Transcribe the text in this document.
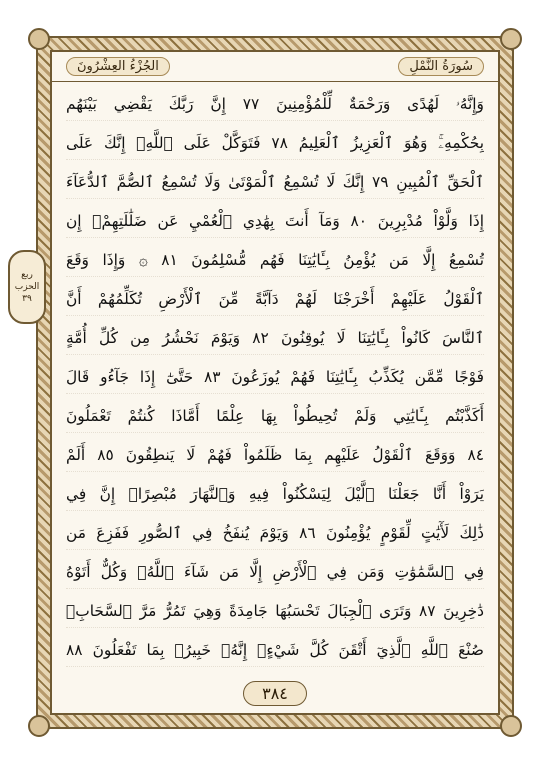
ربع
الحزب
٣٩
الجُزْءُ العِشْرُونَ	سُورَةُ النَّمْلِ
وَإِنَّهُۥ لَهُدًى وَرَحْمَةٌ لِّلْمُؤْمِنِينَ ٧٧ إِنَّ رَبَّكَ يَقْضِي بَيْنَهُم
بِحُكْمِهِۦۚ وَهُوَ ٱلْعَزِيزُ ٱلْعَلِيمُ ٧٨ فَتَوَكَّلْ عَلَى ٱللَّهِۖ إِنَّكَ عَلَى
ٱلْحَقِّ ٱلْمُبِينِ ٧٩ إِنَّكَ لَا تُسْمِعُ ٱلْمَوْتَىٰ وَلَا تُسْمِعُ ٱلصُّمَّ ٱلدُّعَآءَ
إِذَا وَلَّوْاْ مُدْبِرِينَ ٨٠ وَمَآ أَنتَ بِهَٰدِي ٱلْعُمْيِ عَن ضَلَٰلَتِهِمْۖ إِن
تُسْمِعُ إِلَّا مَن يُؤْمِنُ بِـَٔايَٰتِنَا فَهُم مُّسْلِمُونَ ٨١ ۞ وَإِذَا وَقَعَ
ٱلْقَوْلُ عَلَيْهِمْ أَخْرَجْنَا لَهُمْ دَآبَّةً مِّنَ ٱلْأَرْضِ تُكَلِّمُهُمْ أَنَّ
ٱلنَّاسَ كَانُواْ بِـَٔايَٰتِنَا لَا يُوقِنُونَ ٨٢ وَيَوْمَ نَحْشُرُ مِن كُلِّ أُمَّةٍ
فَوْجًا مِّمَّن يُكَذِّبُ بِـَٔايَٰتِنَا فَهُمْ يُوزَعُونَ ٨٣ حَتَّىٰٓ إِذَا جَآءُو قَالَ
أَكَذَّبْتُم بِـَٔايَٰتِي وَلَمْ تُحِيطُواْ بِهَا عِلْمًا أَمَّاذَا كُنتُمْ تَعْمَلُونَ
٨٤ وَوَقَعَ ٱلْقَوْلُ عَلَيْهِم بِمَا ظَلَمُواْ فَهُمْ لَا يَنطِقُونَ ٨٥ أَلَمْ
يَرَوْاْ أَنَّا جَعَلْنَا ٱلَّيْلَ لِيَسْكُنُواْ فِيهِ وَٱلنَّهَارَ مُبْصِرًاۚ إِنَّ فِي
ذَٰلِكَ لَأٓيَٰتٍ لِّقَوْمٍ يُؤْمِنُونَ ٨٦ وَيَوْمَ يُنفَخُ فِي ٱلصُّورِ فَفَزِعَ مَن
فِي ٱلسَّمَٰوَٰتِ وَمَن فِي ٱلْأَرْضِ إِلَّا مَن شَآءَ ٱللَّهُۚ وَكُلٌّ أَتَوْهُ
دَٰخِرِينَ ٨٧ وَتَرَى ٱلْجِبَالَ تَحْسَبُهَا جَامِدَةً وَهِيَ تَمُرُّ مَرَّ ٱلسَّحَابِۚ
صُنْعَ ٱللَّهِ ٱلَّذِيٓ أَتْقَنَ كُلَّ شَيْءٍۚ إِنَّهُۥ خَبِيرُۢ بِمَا تَفْعَلُونَ ٨٨
٣٨٤
